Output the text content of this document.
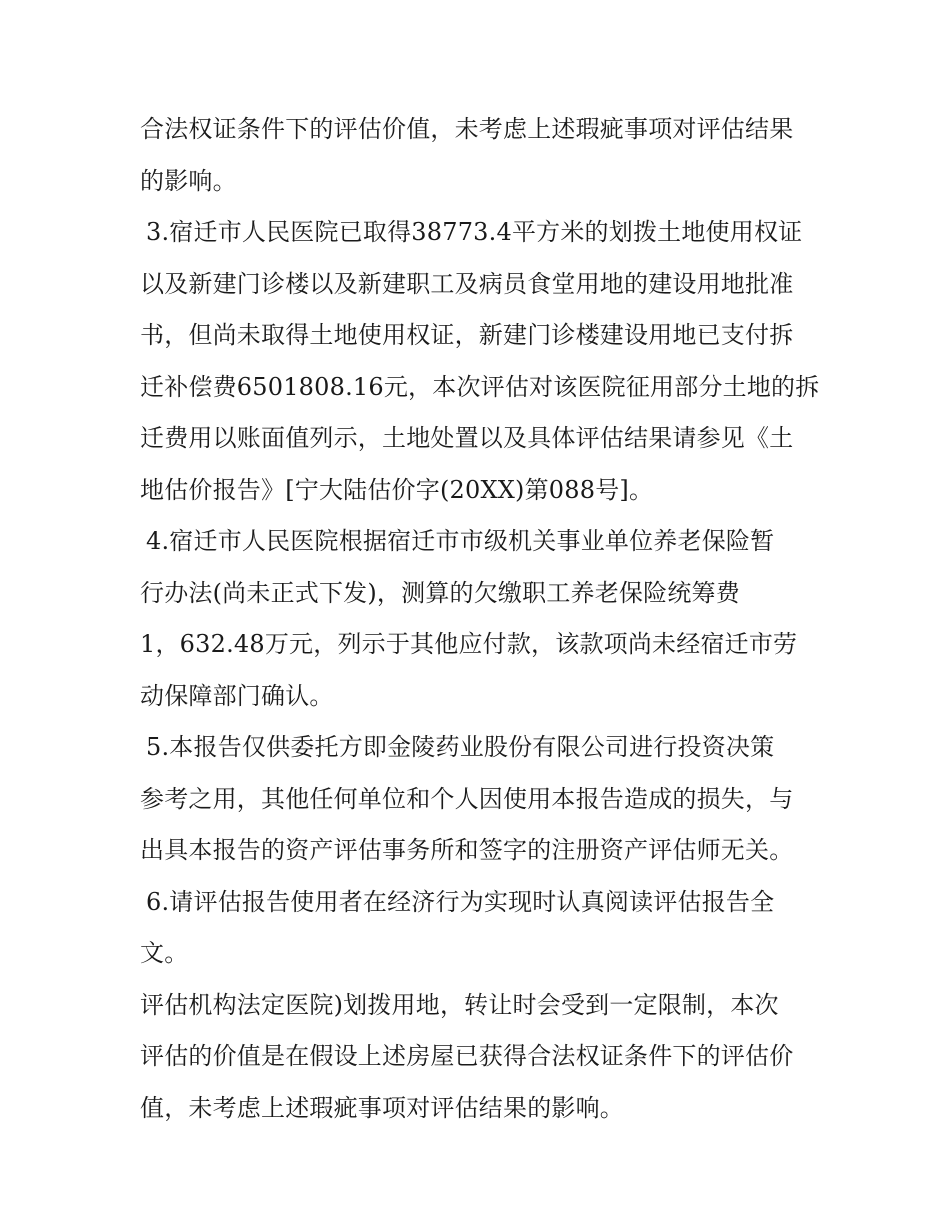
合法权证条件下的评估价值，未考虑上述瑕疵事项对评估结果
的影响。
3.宿迁市人民医院已取得38773.4平方米的划拨土地使用权证
以及新建门诊楼以及新建职工及病员食堂用地的建设用地批准
书，但尚未取得土地使用权证，新建门诊楼建设用地已支付拆
迁补偿费6501808.16元，本次评估对该医院征用部分土地的拆
迁费用以账面值列示，土地处置以及具体评估结果请参见《土
地估价报告》[宁大陆估价字(20XX)第088号]。
4.宿迁市人民医院根据宿迁市市级机关事业单位养老保险暂
行办法(尚未正式下发)，测算的欠缴职工养老保险统筹费
1，632.48万元，列示于其他应付款，该款项尚未经宿迁市劳
动保障部门确认。
5.本报告仅供委托方即金陵药业股份有限公司进行投资决策
参考之用，其他任何单位和个人因使用本报告造成的损失，与
出具本报告的资产评估事务所和签字的注册资产评估师无关。
6.请评估报告使用者在经济行为实现时认真阅读评估报告全
文。
评估机构法定医院)划拨用地，转让时会受到一定限制，本次
评估的价值是在假设上述房屋已获得合法权证条件下的评估价
值，未考虑上述瑕疵事项对评估结果的影响。
